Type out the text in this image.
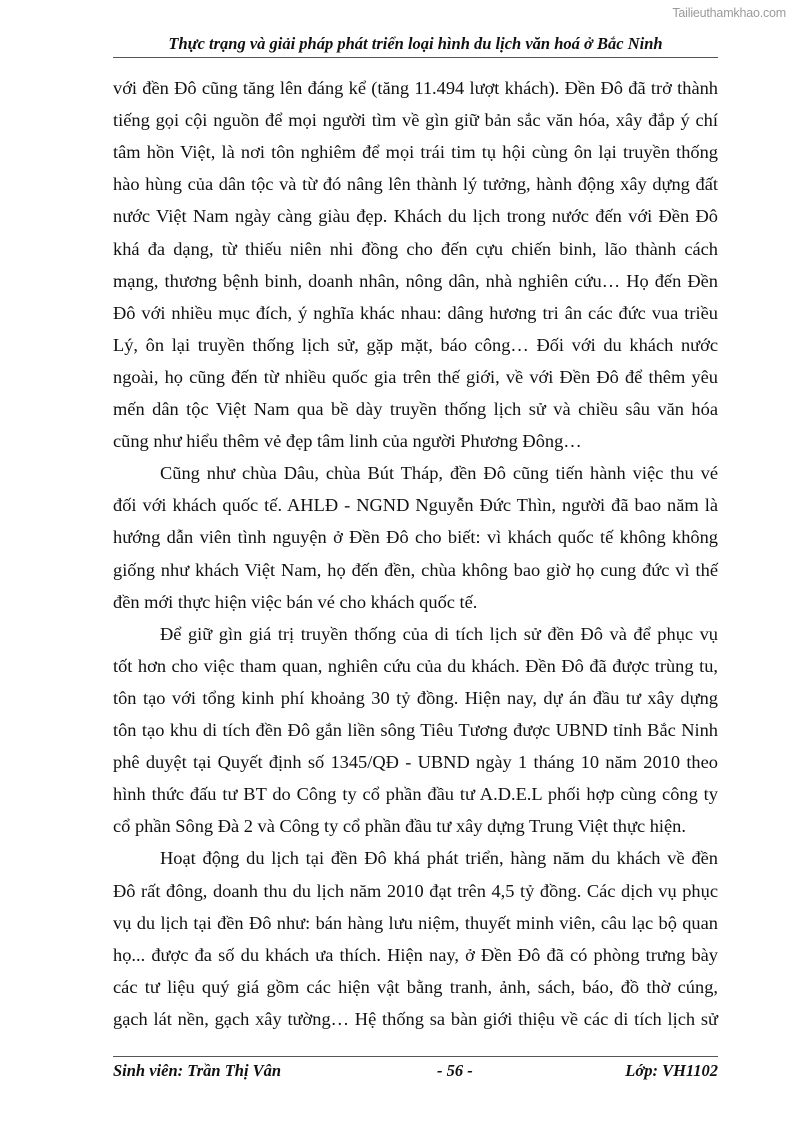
Tailieuthamkhao.com
Thực trạng và giải pháp phát triển loại hình du lịch văn hoá ở Bắc Ninh
với đền Đô cũng tăng lên đáng kể (tăng 11.494 lượt khách). Đền Đô đã trở thành
tiếng gọi cội nguồn để mọi người tìm về gìn giữ bản sắc văn hóa, xây đắp ý chí
tâm hồn Việt, là nơi tôn nghiêm để mọi trái tim tụ hội cùng ôn lại truyền thống
hào hùng của dân tộc và từ đó nâng lên thành lý tưởng, hành động xây dựng đất
nước Việt Nam ngày càng giàu đẹp. Khách du lịch trong nước đến với Đền Đô
khá đa dạng, từ thiếu niên nhi đồng cho đến cựu chiến binh, lão thành cách
mạng, thương bệnh binh, doanh nhân, nông dân, nhà nghiên cứu… Họ đến Đền
Đô với nhiều mục đích, ý nghĩa khác nhau: dâng hương tri ân các đức vua triều
Lý, ôn lại truyền thống lịch sử, gặp mặt, báo công… Đối với du khách nước
ngoài, họ cũng đến từ nhiều quốc gia trên thế giới, về với Đền Đô để thêm yêu
mến dân tộc Việt Nam qua bề dày truyền thống lịch sử và chiều sâu văn hóa
cũng như hiểu thêm vẻ đẹp tâm linh của người Phương Đông…
Cũng như chùa Dâu, chùa Bút Tháp, đền Đô cũng tiến hành việc thu vé
đối với khách quốc tế. AHLĐ - NGND Nguyễn Đức Thìn, người đã bao năm là
hướng dẫn viên tình nguyện ở Đền Đô cho biết: vì khách quốc tế không không
giống như khách Việt Nam, họ đến đền, chùa không bao giờ họ cung đức vì thế
đền mới thực hiện việc bán vé cho khách quốc tế.
Để giữ gìn giá trị truyền thống của di tích lịch sử đền Đô và để phục vụ
tốt hơn cho việc tham quan, nghiên cứu của du khách. Đền Đô đã được trùng tu,
tôn tạo với tổng kinh phí khoảng 30 tỷ đồng. Hiện nay, dự án đầu tư xây dựng
tôn tạo khu di tích đền Đô gắn liền sông Tiêu Tương được UBND tỉnh Bắc Ninh
phê duyệt tại Quyết định số 1345/QĐ - UBND ngày 1 tháng 10 năm 2010 theo
hình thức đấu tư BT do Công ty cổ phần đầu tư A.D.E.L phối hợp cùng công ty
cổ phần Sông Đà 2 và Công ty cổ phần đầu tư xây dựng Trung Việt thực hiện.
Hoạt động du lịch tại đền Đô khá phát triển, hàng năm du khách về đền
Đô rất đông, doanh thu du lịch năm 2010 đạt trên 4,5 tỷ đồng. Các dịch vụ phục
vụ du lịch tại đền Đô như: bán hàng lưu niệm, thuyết minh viên, câu lạc bộ quan
họ... được đa số du khách ưa thích. Hiện nay, ở Đền Đô đã có phòng trưng bày
các tư liệu quý giá gồm các hiện vật bằng tranh, ảnh, sách, báo, đồ thờ cúng,
gạch lát nền, gạch xây tường… Hệ thống sa bàn giới thiệu về các di tích lịch sử
Sinh viên: Trần Thị Vân	- 56 -	Lớp: VH1102
